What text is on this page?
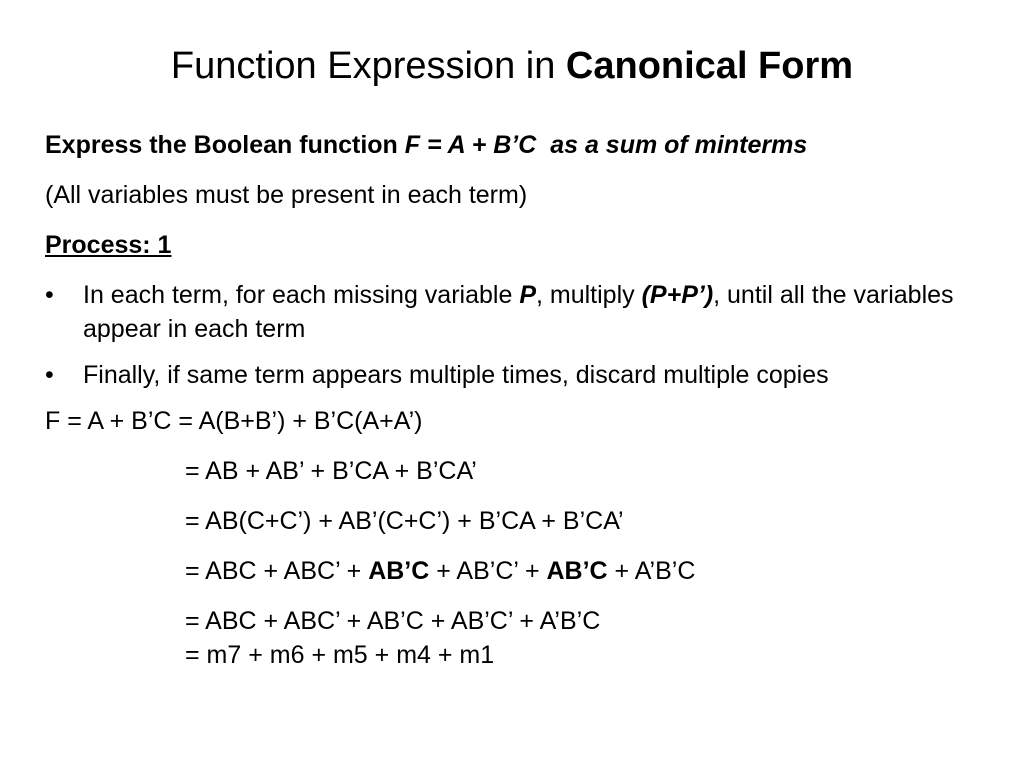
Function Expression in Canonical Form
Express the Boolean function F = A + B’C  as a sum of minterms
(All variables must be present in each term)
Process: 1
• In each term, for each missing variable P, multiply (P+P’), until all the variables appear in each term
• Finally, if same term appears multiple times, discard multiple copies
F = A + B’C = A(B+B’) + B’C(A+A’)
= AB + AB’ + B’CA + B’CA’
= AB(C+C’) + AB’(C+C’) + B’CA + B’CA’
= ABC + ABC’ + AB’C + AB’C’ + AB’C + A’B’C
= ABC + ABC’ + AB’C + AB’C’ + A’B’C
= m7 + m6 + m5 + m4 + m1
